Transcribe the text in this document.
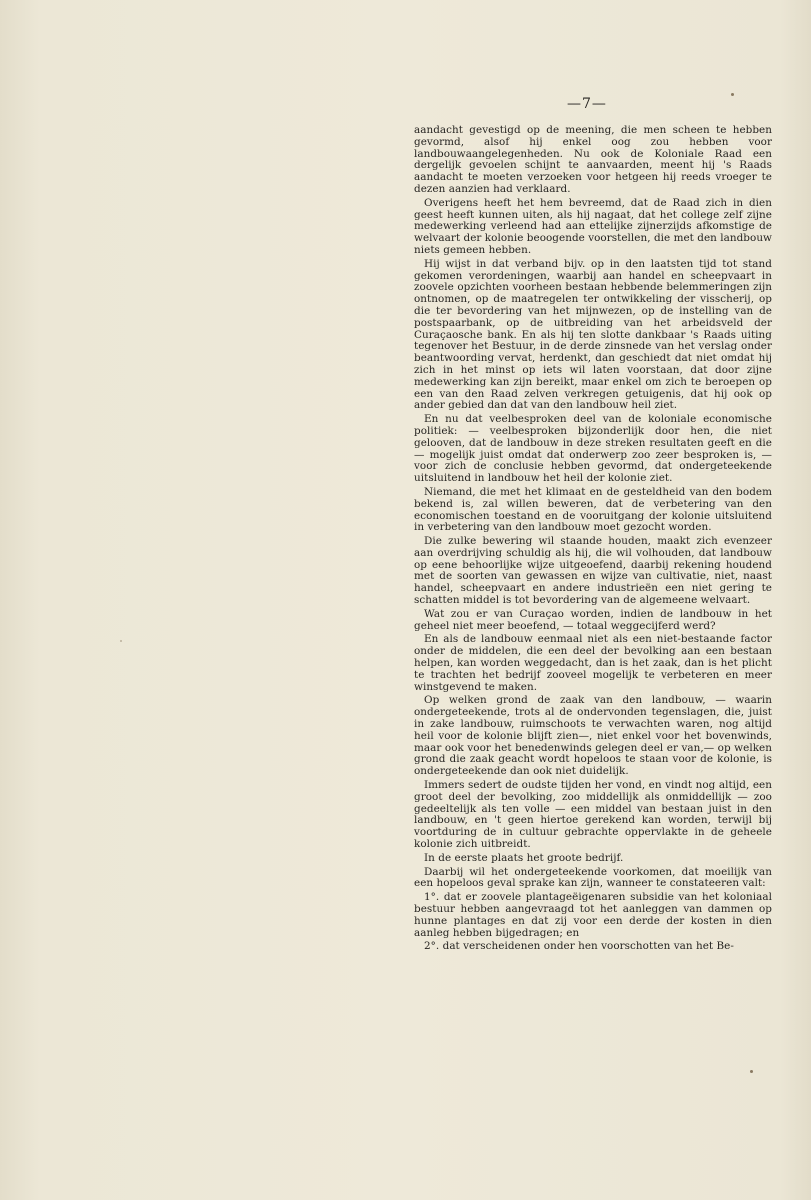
—7—

aandacht gevestigd op de meening, die men scheen te hebben gevormd, alsof hij enkel oog zou hebben voor landbouwaangelegenheden. Nu ook de Koloniale Raad een dergelijk gevoelen schijnt te aanvaarden, meent hij 's Raads aandacht te moeten verzoeken voor hetgeen hij reeds vroeger te dezen aanzien had verklaard.

Overigens heeft het hem bevreemd, dat de Raad zich in dien geest heeft kunnen uiten, als hij nagaat, dat het college zelf zijne medewerking verleend had aan ettelijke zijnerzijds afkomstige de welvaart der kolonie beoogende voorstellen, die met den landbouw niets gemeen hebben.

Hij wijst in dat verband bijv. op in den laatsten tijd tot stand gekomen verordeningen, waarbij aan handel en scheepvaart in zoovele opzichten voorheen bestaan hebbende belemmeringen zijn ontnomen, op de maatregelen ter ontwikkeling der visscherij, op die ter bevordering van het mijnwezen, op de instelling van de postspaarbank, op de uitbreiding van het arbeidsveld der Curaçaosche bank. En als hij ten slotte dankbaar 's Raads uiting tegenover het Bestuur, in de derde zinsnede van het verslag onder beantwoording vervat, herdenkt, dan geschiedt dat niet omdat hij zich in het minst op iets wil laten voorstaan, dat door zijne medewerking kan zijn bereikt, maar enkel om zich te beroepen op een van den Raad zelven verkregen getuigenis, dat hij ook op ander gebied dan dat van den landbouw heil ziet.

En nu dat veelbesproken deel van de koloniale economische politiek: — veelbesproken bijzonderlijk door hen, die niet gelooven, dat de landbouw in deze streken resultaten geeft en die — mogelijk juist omdat dat onderwerp zoo zeer besproken is, — voor zich de conclusie hebben gevormd, dat ondergeteekende uitsluitend in landbouw het heil der kolonie ziet.

Niemand, die met het klimaat en de gesteldheid van den bodem bekend is, zal willen beweren, dat de verbetering van den economischen toestand en de vooruitgang der kolonie uitsluitend in verbetering van den landbouw moet gezocht worden.

Die zulke bewering wil staande houden, maakt zich evenzeer aan overdrijving schuldig als hij, die wil volhouden, dat landbouw op eene behoorlijke wijze uitgeoefend, daarbij rekening houdend met de soorten van gewassen en wijze van cultivatie, niet, naast handel, scheepvaart en andere industrieën een niet gering te schatten middel is tot bevordering van de algemeene welvaart.

Wat zou er van Curaçao worden, indien de landbouw in het geheel niet meer beoefend, — totaal weggecijferd werd?

En als de landbouw eenmaal niet als een niet-bestaande factor onder de middelen, die een deel der bevolking aan een bestaan helpen, kan worden weggedacht, dan is het zaak, dan is het plicht te trachten het bedrijf zooveel mogelijk te verbeteren en meer winstgevend te maken.

Op welken grond de zaak van den landbouw, — waarin ondergeteekende, trots al de ondervonden tegenslagen, die, juist in zake landbouw, ruimschoots te verwachten waren, nog altijd heil voor de kolonie blijft zien—, niet enkel voor het bovenwinds, maar ook voor het benedenwinds gelegen deel er van,— op welken grond die zaak geacht wordt hopeloos te staan voor de kolonie, is ondergeteekende dan ook niet duidelijk.

Immers sedert de oudste tijden her vond, en vindt nog altijd, een groot deel der bevolking, zoo middellijk als onmiddellijk — zoo gedeeltelijk als ten volle — een middel van bestaan juist in den landbouw, en 't geen hiertoe gerekend kan worden, terwijl bij voortduring de in cultuur gebrachte oppervlakte in de geheele kolonie zich uitbreidt.

In de eerste plaats het groote bedrijf.

Daarbij wil het ondergeteekende voorkomen, dat moeilijk van een hopeloos geval sprake kan zijn, wanneer te constateeren valt:

1°. dat er zoovele plantageëigenaren subsidie van het koloniaal bestuur hebben aangevraagd tot het aanleggen van dammen op hunne plantages en dat zij voor een derde der kosten in dien aanleg hebben bijgedragen; en

2°. dat verscheidenen onder hen voorschotten van het Be-
